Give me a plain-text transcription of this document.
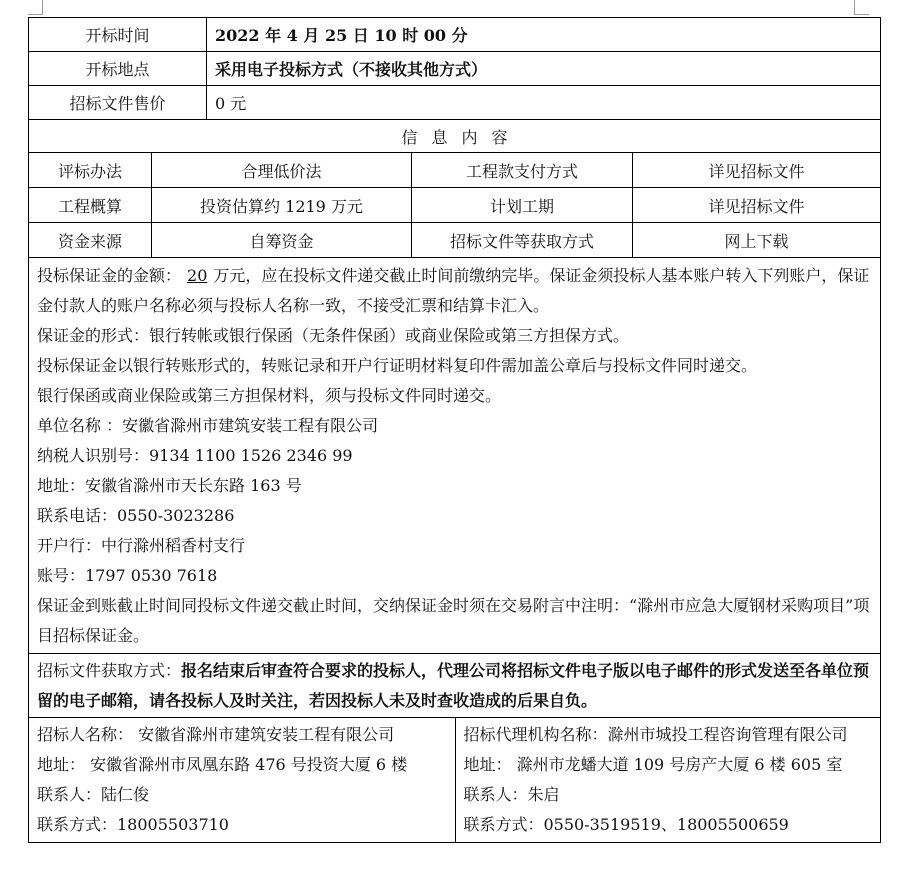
开标时间	2022 年 4 月 25 日 10 时 00 分
开标地点	采用电子投标方式（不接收其他方式）
招标文件售价	0 元
信息内容
评标办法	合理低价法	工程款支付方式	详见招标文件
工程概算	投资估算约 1219 万元	计划工期	详见招标文件
资金来源	自筹资金	招标文件等获取方式	网上下载

投标保证金的金额： 20 万元，应在投标文件递交截止时间前缴纳完毕。保证金须投标人基本账户转入下列账户，保证金付款人的账户名称必须与投标人名称一致，不接受汇票和结算卡汇入。

保证金的形式：银行转帐或银行保函（无条件保函）或商业保险或第三方担保方式。

投标保证金以银行转账形式的，转账记录和开户行证明材料复印件需加盖公章后与投标文件同时递交。

银行保函或商业保险或第三方担保材料，须与投标文件同时递交。

单位名称 ：安徽省滁州市建筑安装工程有限公司

纳税人识别号：9134 1100 1526 2346 99

地址：安徽省滁州市天长东路 163 号

联系电话：0550-3023286

开户行：中行滁州稻香村支行

账号：1797 0530 7618

保证金到账截止时间同投标文件递交截止时间，交纳保证金时须在交易附言中注明：“滁州市应急大厦钢材采购项目”项目招标保证金。

招标文件获取方式：报名结束后审查符合要求的投标人，代理公司将招标文件电子版以电子邮件的形式发送至各单位预留的电子邮箱，请各投标人及时关注，若因投标人未及时查收造成的后果自负。

招标人名称： 安徽省滁州市建筑安装工程有限公司
地址： 安徽省滁州市凤凰东路 476 号投资大厦 6 楼
联系人：陆仁俊
联系方式：18005503710
招标代理机构名称：滁州市城投工程咨询管理有限公司
地址： 滁州市龙蟠大道 109 号房产大厦 6 楼 605 室
联系人：朱启
联系方式：0550-3519519、18005500659
